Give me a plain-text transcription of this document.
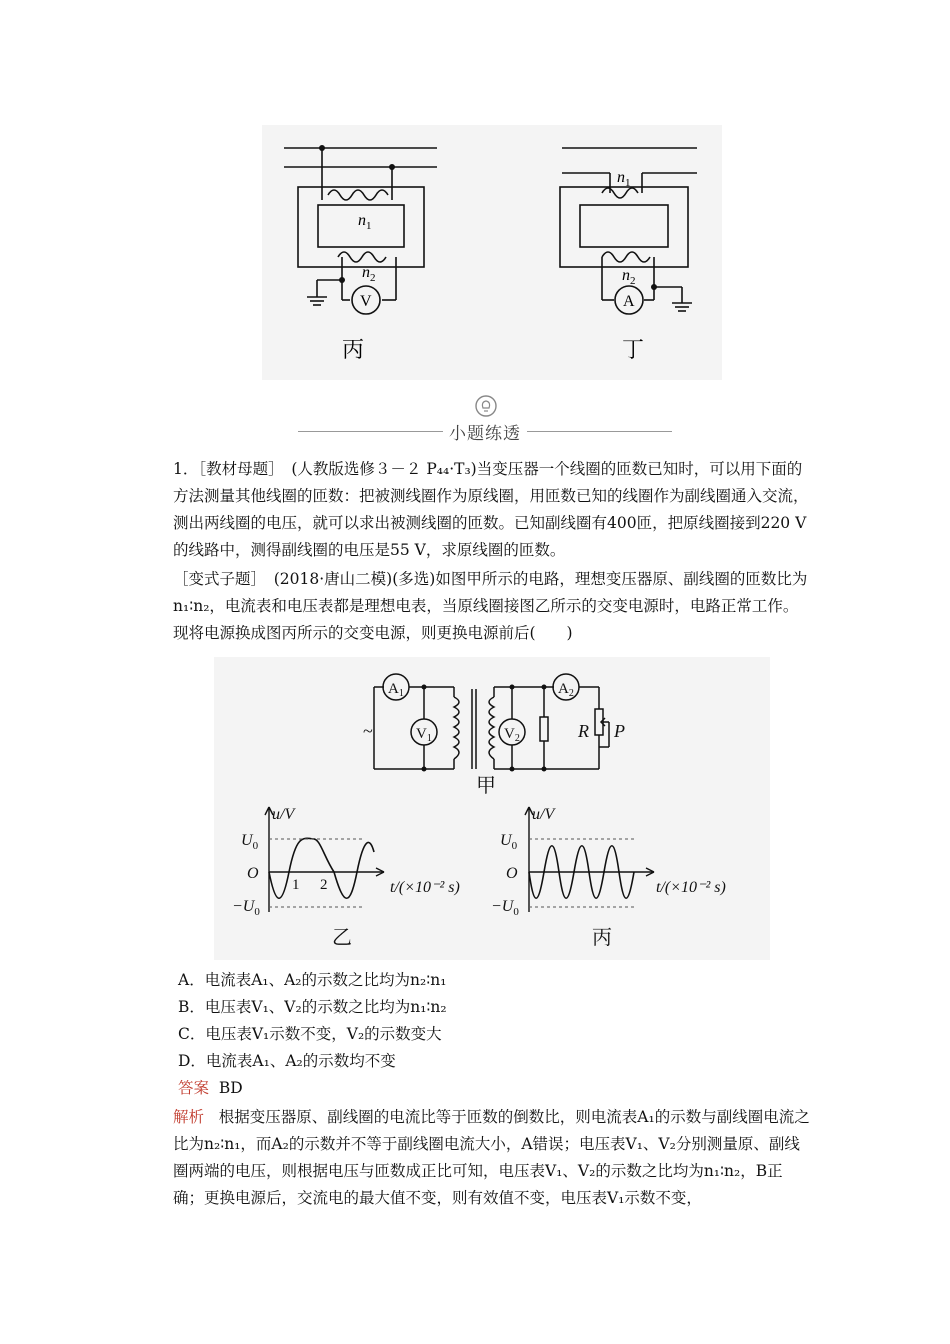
$n_1$
$n_2$
V
$n_1$
$n_2$
A
丙	丁
小题练透

1．［教材母题］　(人教版选修３－２ P₄₄·T₃)当变压器一个线圈的匝数已知时，可以用下面的方法测量其他线圈的匝数：把被测线圈作为原线圈，用匝数已知的线圈作为副线圈通入交流，测出两线圈的电压，就可以求出被测线圈的匝数。已知副线圈有400匝，把原线圈接到220 V的线路中，测得副线圈的电压是55 V，求原线圈的匝数。

［变式子题］　(2018·唐山二模)(多选)如图甲所示的电路，理想变压器原、副线圈的匝数比为n₁∶n₂，电流表和电压表都是理想电表，当原线圈接图乙所示的交变电源时，电路正常工作。现将电源换成图丙所示的交变电源，则更换电源前后(　　)

~
$A_1$
$V_1$	$V_2$
$A_2$
R P
甲
u/V
$U_0$
O
$-U_0$
1 2
乙
u/V
$U_0$
O
$-U_0$
t/(×10⁻² s)	t/(×10⁻² s)
丙
A．电流表A₁、A₂的示数之比均为n₂∶n₁
B．电压表V₁、V₂的示数之比均为n₁∶n₂
C．电压表V₁示数不变，V₂的示数变大
D．电流表A₁、A₂的示数均不变
答案 BD

解析 根据变压器原、副线圈的电流比等于匝数的倒数比，则电流表A₁的示数与副线圈电流之比为n₂∶n₁，而A₂的示数并不等于副线圈电流大小，A错误；电压表V₁、V₂分别测量原、副线圈两端的电压，则根据电压与匝数成正比可知，电压表V₁、V₂的示数之比均为n₁∶n₂，B正确；更换电源后，交流电的最大值不变，则有效值不变，电压表V₁示数不变，
